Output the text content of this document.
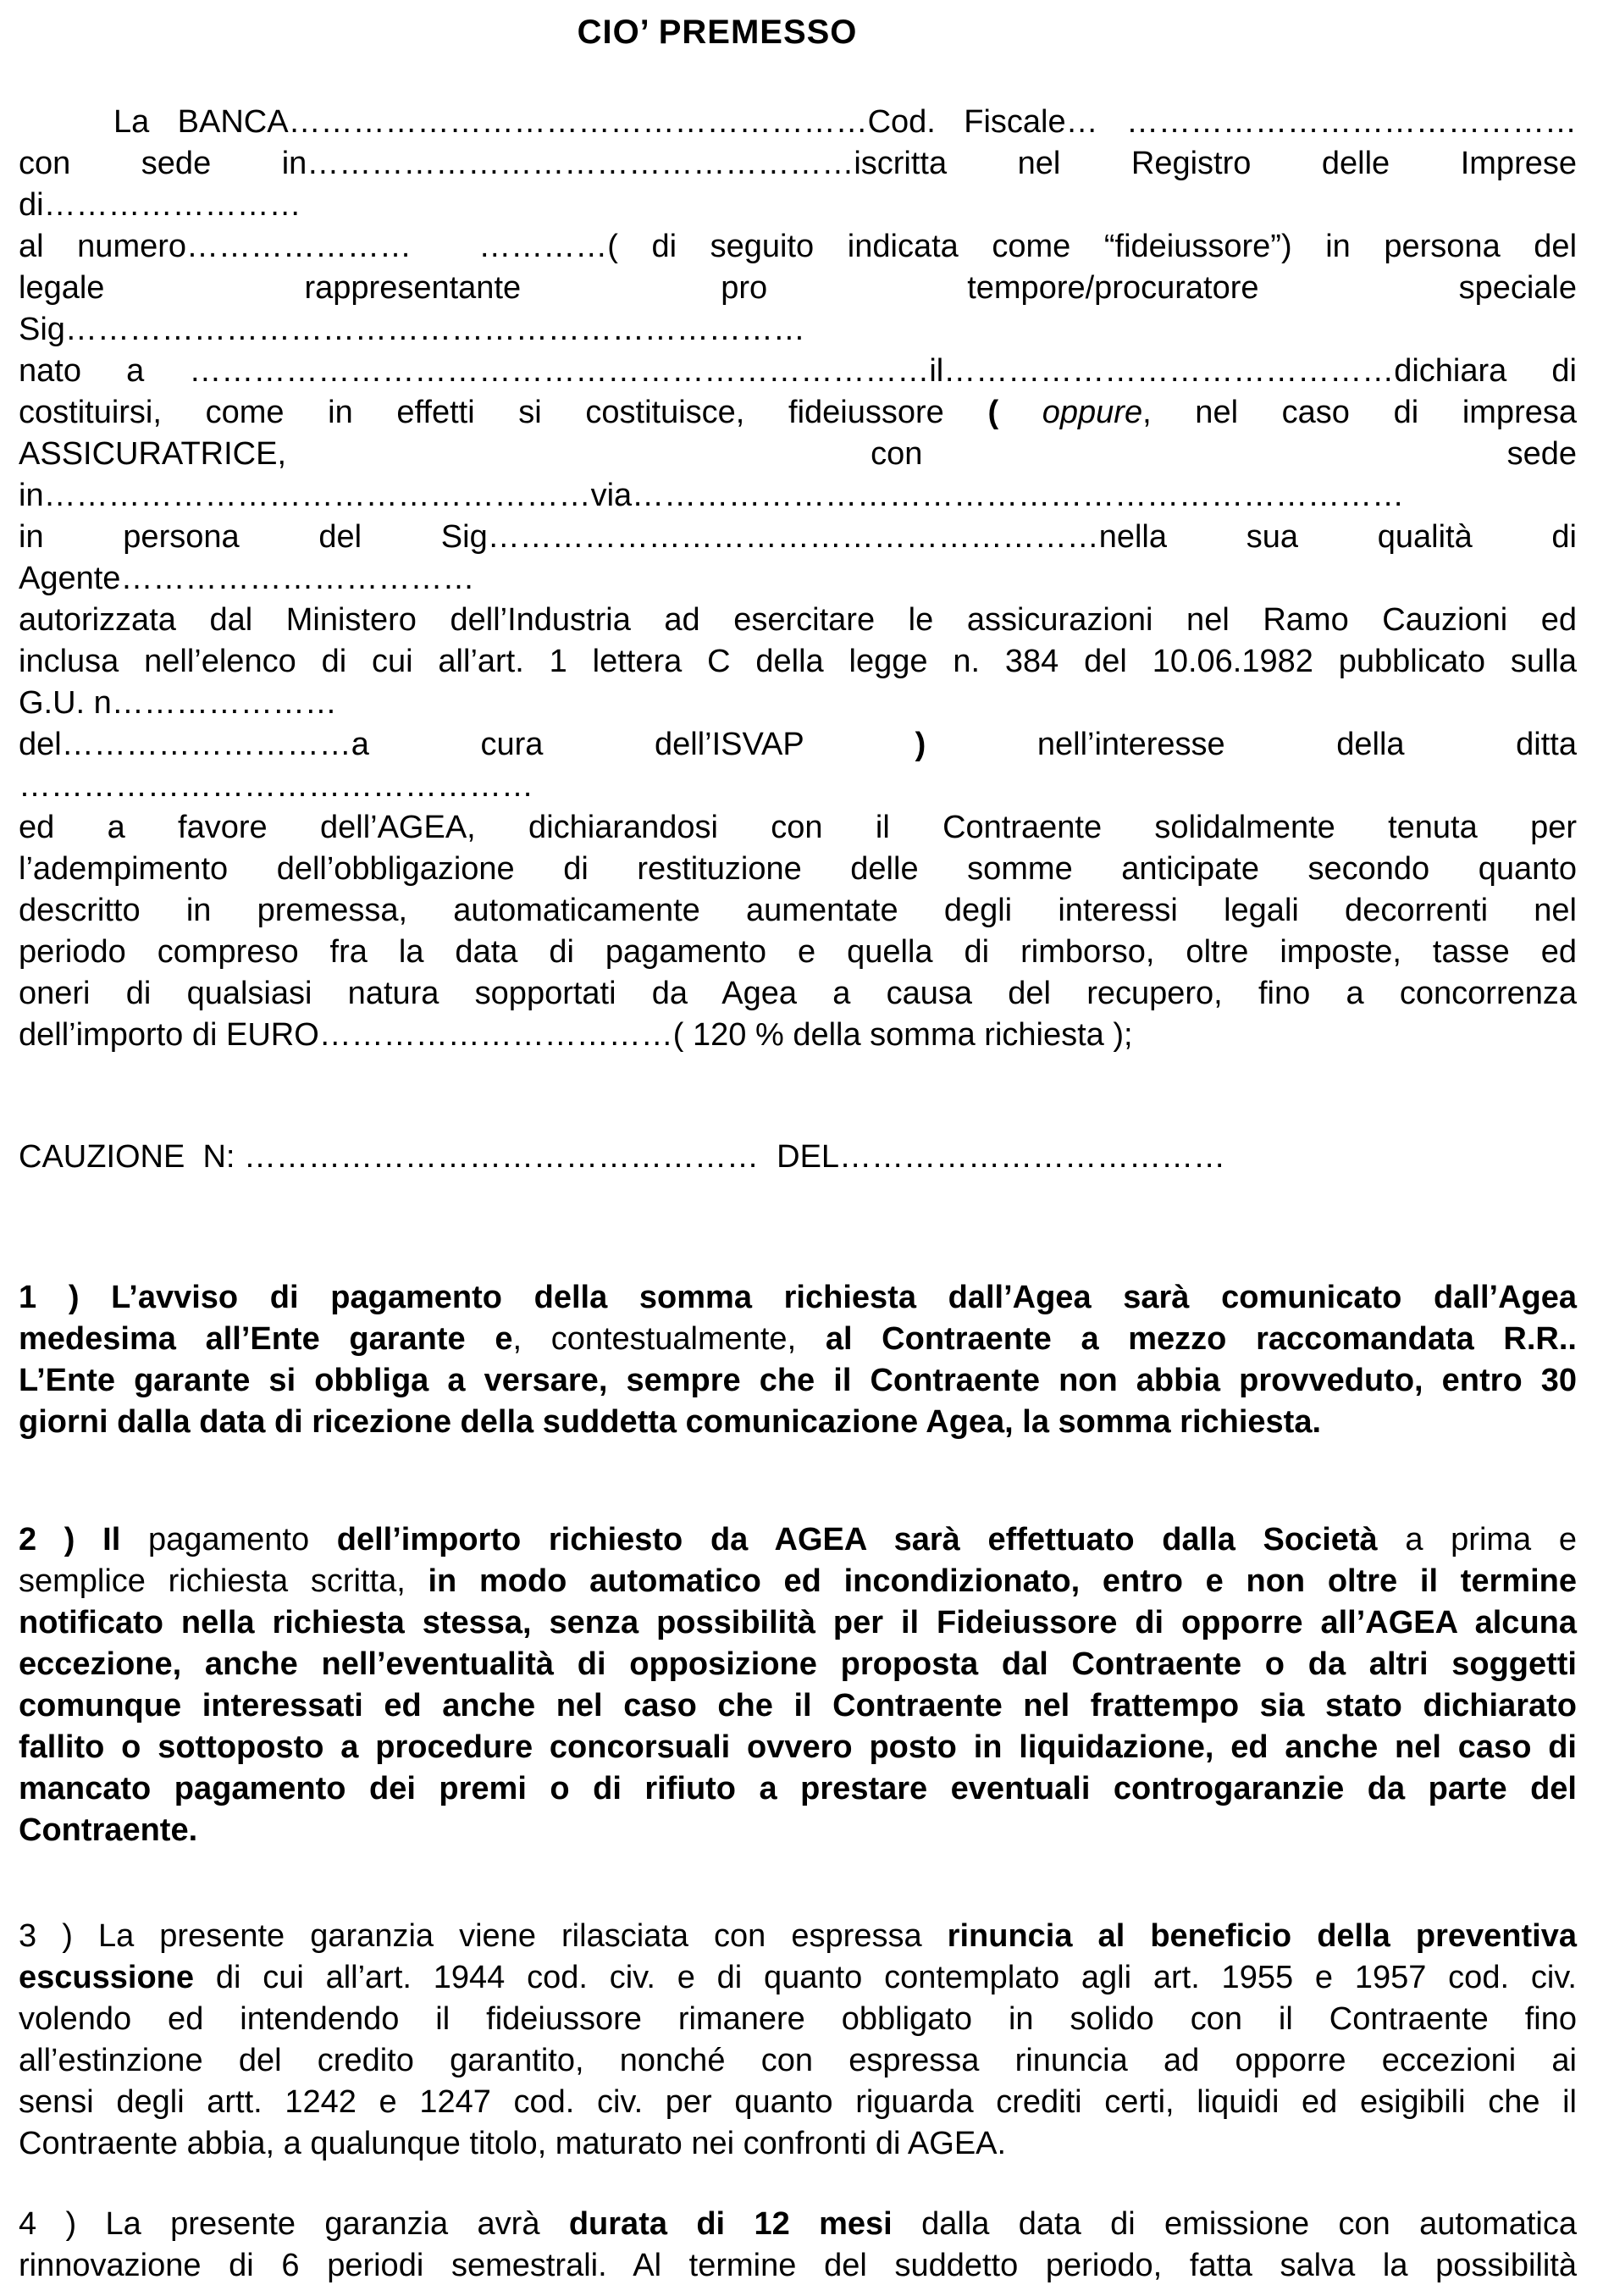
CIO’ PREMESSO
La BANCA………………………………………………Cod. Fiscale… ……………………………………
con sede in……………………………………………iscritta nel Registro delle Imprese
di……………………
al numero………………… …………( di seguito indicata come “fideiussore”) in persona del
legale rappresentante pro tempore/procuratore speciale
Sig……………………………………………………………
nato a ……………………………………………………………il……………………………………dichiara di
costituirsi, come in effetti si costituisce, fideiussore ( oppure, nel caso di impresa
ASSICURATRICE, con sede
in……………………………………………via………………………………………………………………
in persona del Sig…………………………………………………nella sua qualità di
Agente……………………………
autorizzata dal Ministero dell’Industria ad esercitare le assicurazioni nel Ramo Cauzioni ed
inclusa nell’elenco di cui all’art. 1 lettera C della legge n. 384 del 10.06.1982 pubblicato sulla
G.U. n…………………
del………………………a cura dell’ISVAP ) nell’interesse della ditta
…………………………………………
ed a favore dell’AGEA, dichiarandosi con il Contraente solidalmente tenuta per
l’adempimento dell’obbligazione di restituzione delle somme anticipate secondo quanto
descritto in premessa, automaticamente aumentate degli interessi legali decorrenti nel
periodo compreso fra la data di pagamento e quella di rimborso, oltre imposte, tasse ed
oneri di qualsiasi natura sopportati da Agea a causa del recupero, fino a concorrenza
dell’importo di EURO……………………………( 120 % della somma richiesta );
CAUZIONE  N: …………………………………………  DEL………………………………
1 ) L’avviso di pagamento della somma richiesta dall’Agea sarà comunicato dall’Agea
medesima all’Ente garante e, contestualmente, al Contraente a mezzo raccomandata R.R..
L’Ente garante si obbliga a versare, sempre che il Contraente non abbia provveduto, entro 30
giorni dalla data di ricezione della suddetta comunicazione Agea, la somma richiesta.
2 ) Il pagamento dell’importo richiesto da AGEA sarà effettuato dalla Società a prima e
semplice richiesta scritta, in modo automatico ed incondizionato, entro e non oltre il termine
notificato nella richiesta stessa, senza possibilità per il Fideiussore di opporre all’AGEA alcuna
eccezione, anche nell’eventualità di opposizione proposta dal Contraente o da altri soggetti
comunque interessati ed anche nel caso che il Contraente nel frattempo sia stato dichiarato
fallito o sottoposto a procedure concorsuali ovvero posto in liquidazione, ed anche nel caso di
mancato pagamento dei premi o di rifiuto a prestare eventuali controgaranzie da parte del
Contraente.
3 ) La presente garanzia viene rilasciata con espressa rinuncia al beneficio della preventiva
escussione di cui all’art. 1944 cod. civ. e di quanto contemplato agli art. 1955 e 1957 cod. civ.
volendo ed intendendo il fideiussore rimanere obbligato in solido con il Contraente fino
all’estinzione del credito garantito, nonché con espressa rinuncia ad opporre eccezioni ai
sensi degli artt. 1242 e 1247 cod. civ. per quanto riguarda crediti certi, liquidi ed esigibili che il
Contraente abbia, a qualunque titolo, maturato nei confronti di AGEA.
4 ) La presente garanzia avrà durata di 12 mesi dalla data di emissione con automatica
rinnovazione di 6 periodi semestrali. Al termine del suddetto periodo, fatta salva la possibilità
